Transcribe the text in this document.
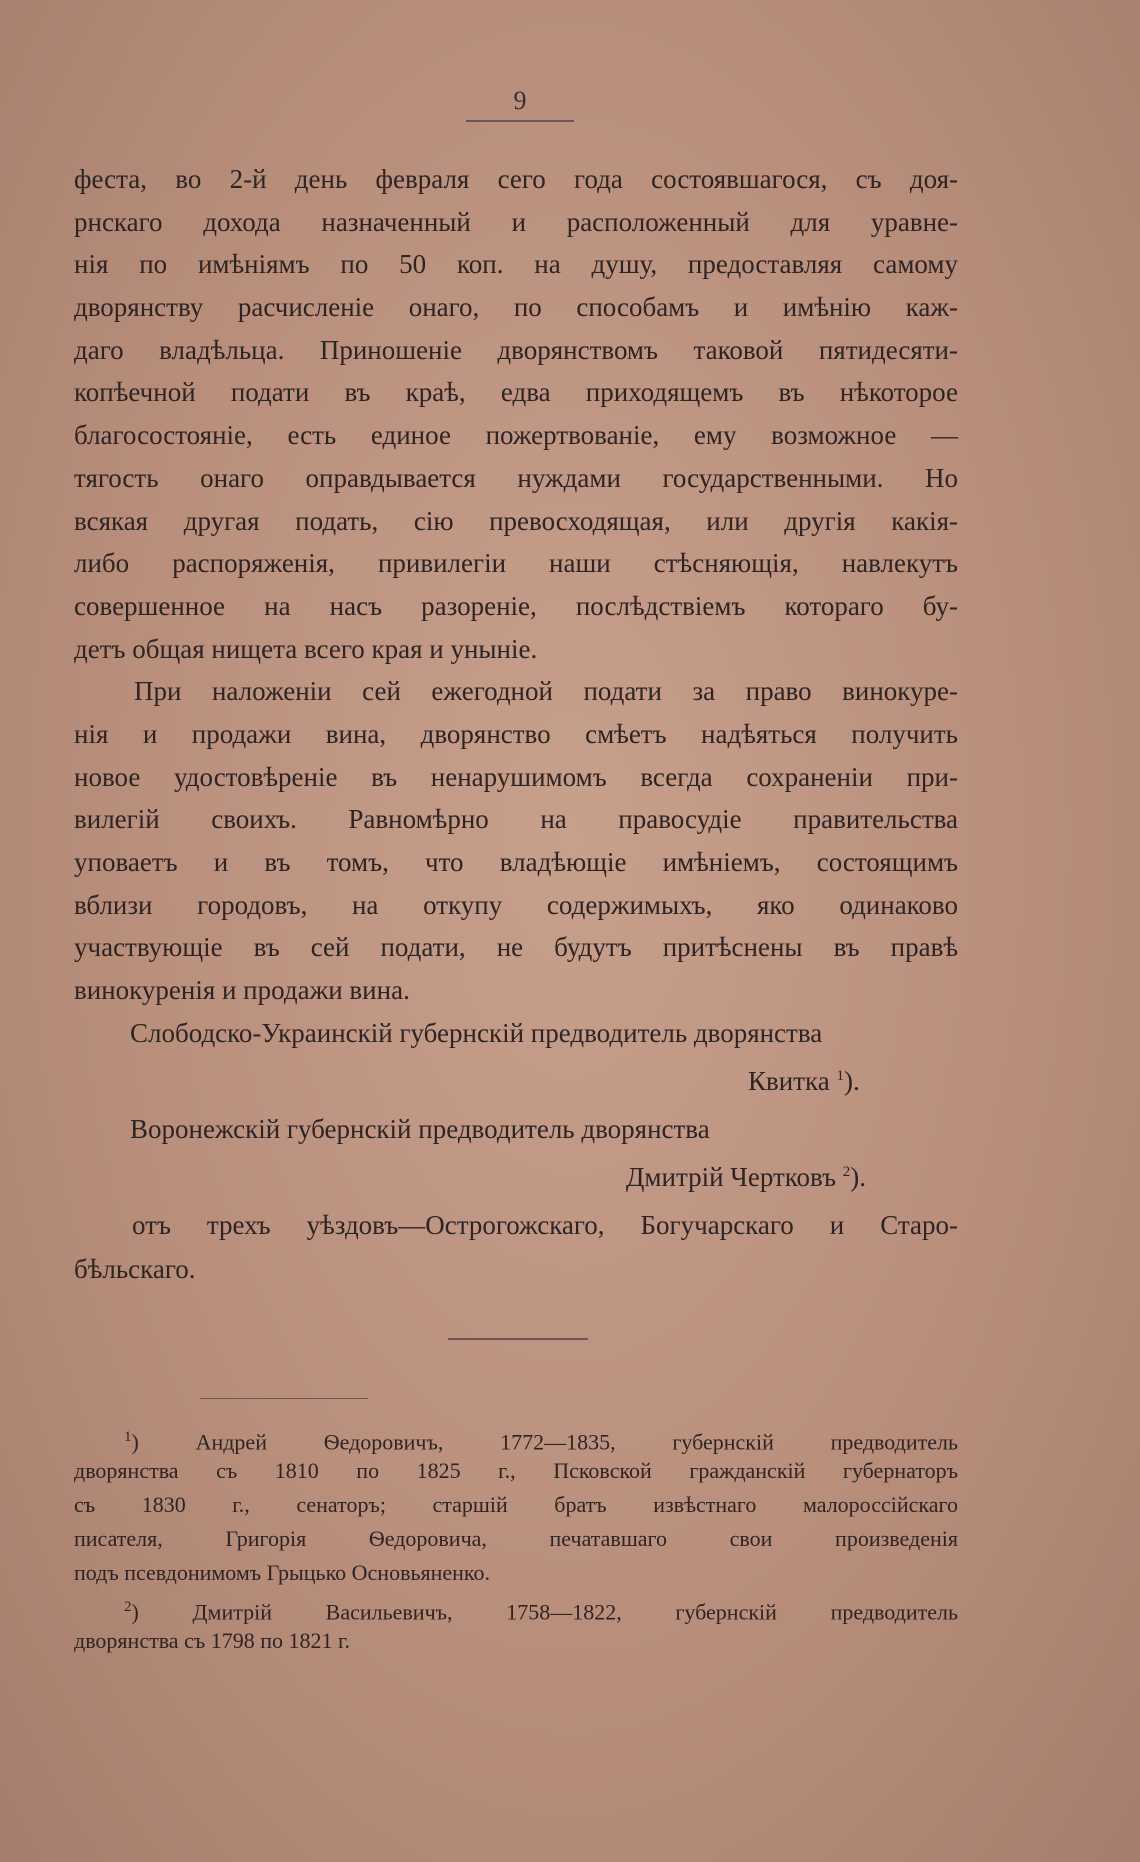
9
феста, во 2-й день февраля сего года состоявшагося, съ доя-
рнскаго дохода назначенный и расположенный для уравне-
нія по имѣніямъ по 50 коп. на душу, предоставляя самому
дворянству расчисленіе онаго, по способамъ и имѣнію каж-
даго владѣльца. Приношеніе дворянствомъ таковой пятидесяти-
копѣечной подати въ краѣ, едва приходящемъ въ нѣкоторое
благосостояніе, есть единое пожертвованіе, ему возможное —
тягость онаго оправдывается нуждами государственными. Но
всякая другая подать, сію превосходящая, или другія какія-
либо распоряженія, привилегіи наши стѣсняющія, навлекутъ
совершенное на насъ разореніе, послѣдствіемъ котораго бу-
детъ общая нищета всего края и уныніе.
При наложеніи сей ежегодной подати за право винокуре-
нія и продажи вина, дворянство смѣетъ надѣяться получить
новое удостовѣреніе въ ненарушимомъ всегда сохраненіи при-
вилегій своихъ. Равномѣрно на правосудіе правительства
уповаетъ и въ томъ, что владѣющіе имѣніемъ, состоящимъ
вблизи городовъ, на откупу содержимыхъ, яко одинаково
участвующіе въ сей подати, не будутъ притѣснены въ правѣ
винокуренія и продажи вина.
Слободско-Украинскій губернскій предводитель дворянства
Квитка $^1$).
Воронежскій губернскій предводитель дворянства
Дмитрій Чертковъ $^2$).
отъ трехъ уѣздовъ—Острогожскаго, Богучарскаго и Старо-
бѣльскаго.
$^1$) Андрей Ѳедоровичъ, 1772—1835, губернскій предводитель
дворянства съ 1810 по 1825 г., Псковской гражданскій губернаторъ
съ 1830 г., сенаторъ; старшій братъ извѣстнаго малороссійскаго
писателя, Григорія Ѳедоровича, печатавшаго свои произведенія
подъ псевдонимомъ Грыцько Основьяненко.
$^2$) Дмитрій Васильевичъ, 1758—1822, губернскій предводитель
дворянства съ 1798 по 1821 г.
